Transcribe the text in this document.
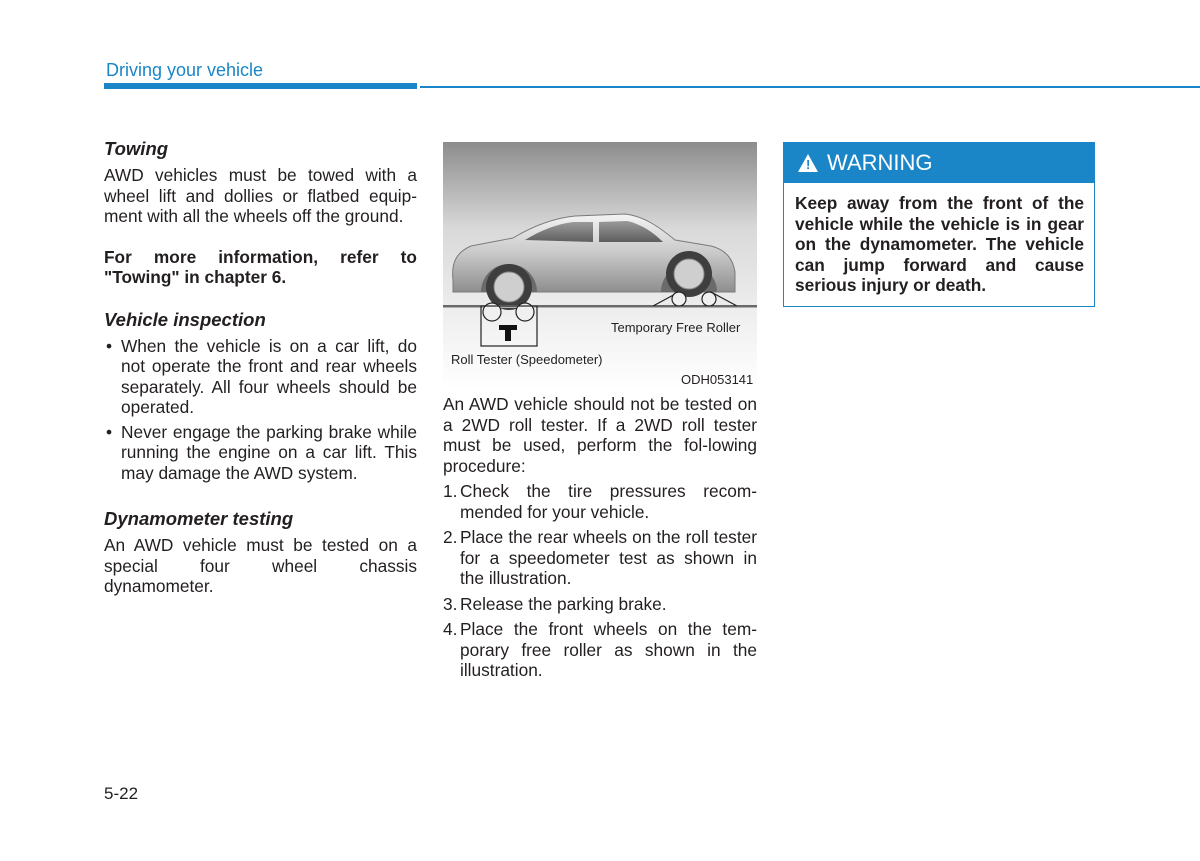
Driving your vehicle
Towing

AWD vehicles must be towed with a wheel lift and dollies or flatbed equip-ment with all the wheels off the ground.

For more information, refer to "Towing" in chapter 6.

Vehicle inspection
• When the vehicle is on a car lift, do not operate the front and rear wheels separately. All four wheels should be operated.
• Never engage the parking brake while running the engine on a car lift. This may damage the AWD system.
Dynamometer testing

An AWD vehicle must be tested on a special four wheel chassis dynamometer.

Temporary Free Roller
Roll Tester (Speedometer)
ODH053141

An AWD vehicle should not be tested on a 2WD roll tester. If a 2WD roll tester must be used, perform the fol-lowing procedure:

1. Check the tire pressures recom-mended for your vehicle.
2. Place the rear wheels on the roll tester for a speedometer test as shown in the illustration.
3. Release the parking brake.
4. Place the front wheels on the tem-porary free roller as shown in the illustration.
! WARNING
Keep away from the front of the vehicle while the vehicle is in gear on the dynamometer. The vehicle can jump forward and cause serious injury or death.
5-22
